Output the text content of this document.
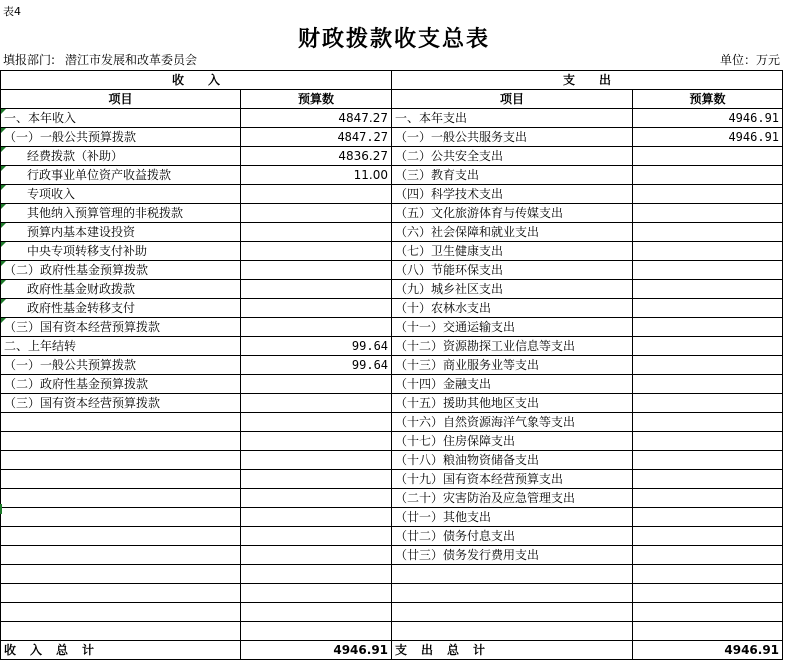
表4
财政拨款收支总表
填报部门: 潜江市发展和改革委员会	单位：万元
收　　入		支　　出	
项目	预算数	项目	预算数
一、本年收入	4847.27	一、本年支出	4946.91
（一）一般公共预算拨款	4847.27	（一）一般公共服务支出	4946.91
经费拨款（补助）	4836.27	（二）公共安全支出	
行政事业单位资产收益拨款	11.00	（三）教育支出	
专项收入		（四）科学技术支出	
其他纳入预算管理的非税拨款		（五）文化旅游体育与传媒支出	
预算内基本建设投资		（六）社会保障和就业支出	
中央专项转移支付补助		（七）卫生健康支出	
（二）政府性基金预算拨款		（八）节能环保支出	
政府性基金财政拨款		（九）城乡社区支出	
政府性基金转移支付		（十）农林水支出	
（三）国有资本经营预算拨款		（十一）交通运输支出	
二、上年结转	99.64	（十二）资源勘探工业信息等支出	
（一）一般公共预算拨款	99.64	（十三）商业服务业等支出	
（二）政府性基金预算拨款		（十四）金融支出	
（三）国有资本经营预算拨款		（十五）援助其他地区支出	
		（十六）自然资源海洋气象等支出	
		（十七）住房保障支出	
		（十八）粮油物资储备支出	
		（十九）国有资本经营预算支出	
		（二十）灾害防治及应急管理支出	
		（廿一）其他支出	
		（廿二）债务付息支出	
		（廿三）债务发行费用支出	

收入总计	4946.91	支出总计	4946.91
